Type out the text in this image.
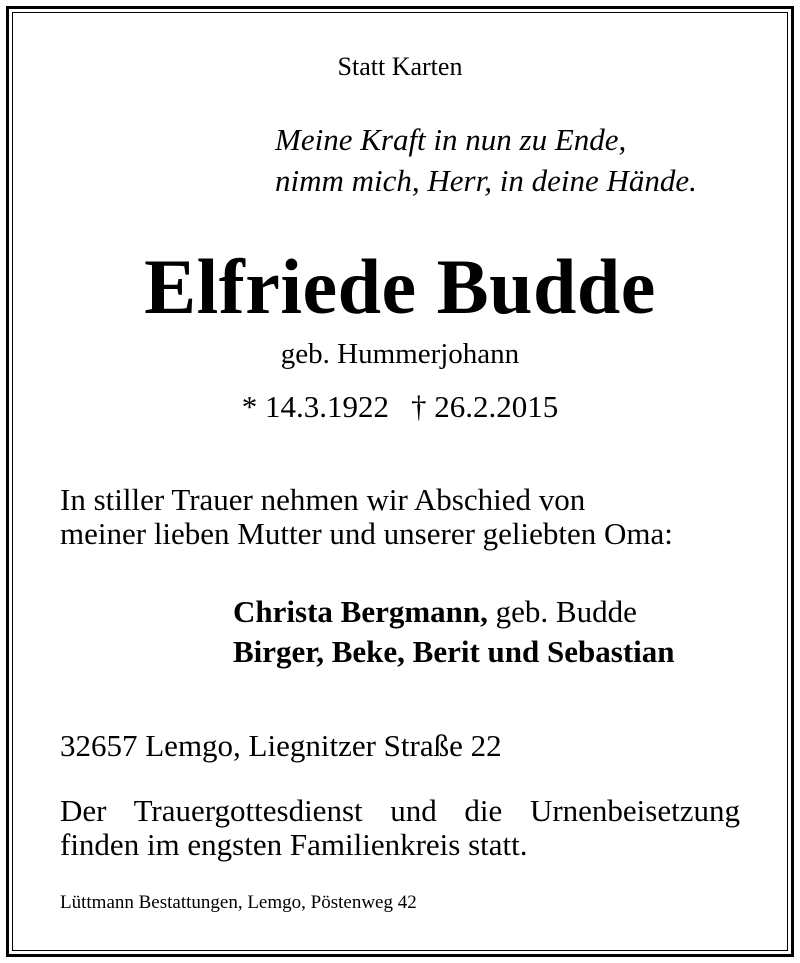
Statt Karten

Meine Kraft in nun zu Ende,

nimm mich, Herr, in deine Hände.

Elfriede Budde

geb. Hummerjohann

* 14.3.1922 † 26.2.2015

In stiller Trauer nehmen wir Abschied von

meiner lieben Mutter und unserer geliebten Oma:

Christa Bergmann, geb. Budde

Birger, Beke, Berit und Sebastian

32657 Lemgo, Liegnitzer Straße 22

Der Trauergottesdienst und die Urnenbeisetzung

finden im engsten Familienkreis statt.

Lüttmann Bestattungen, Lemgo, Pöstenweg 42
